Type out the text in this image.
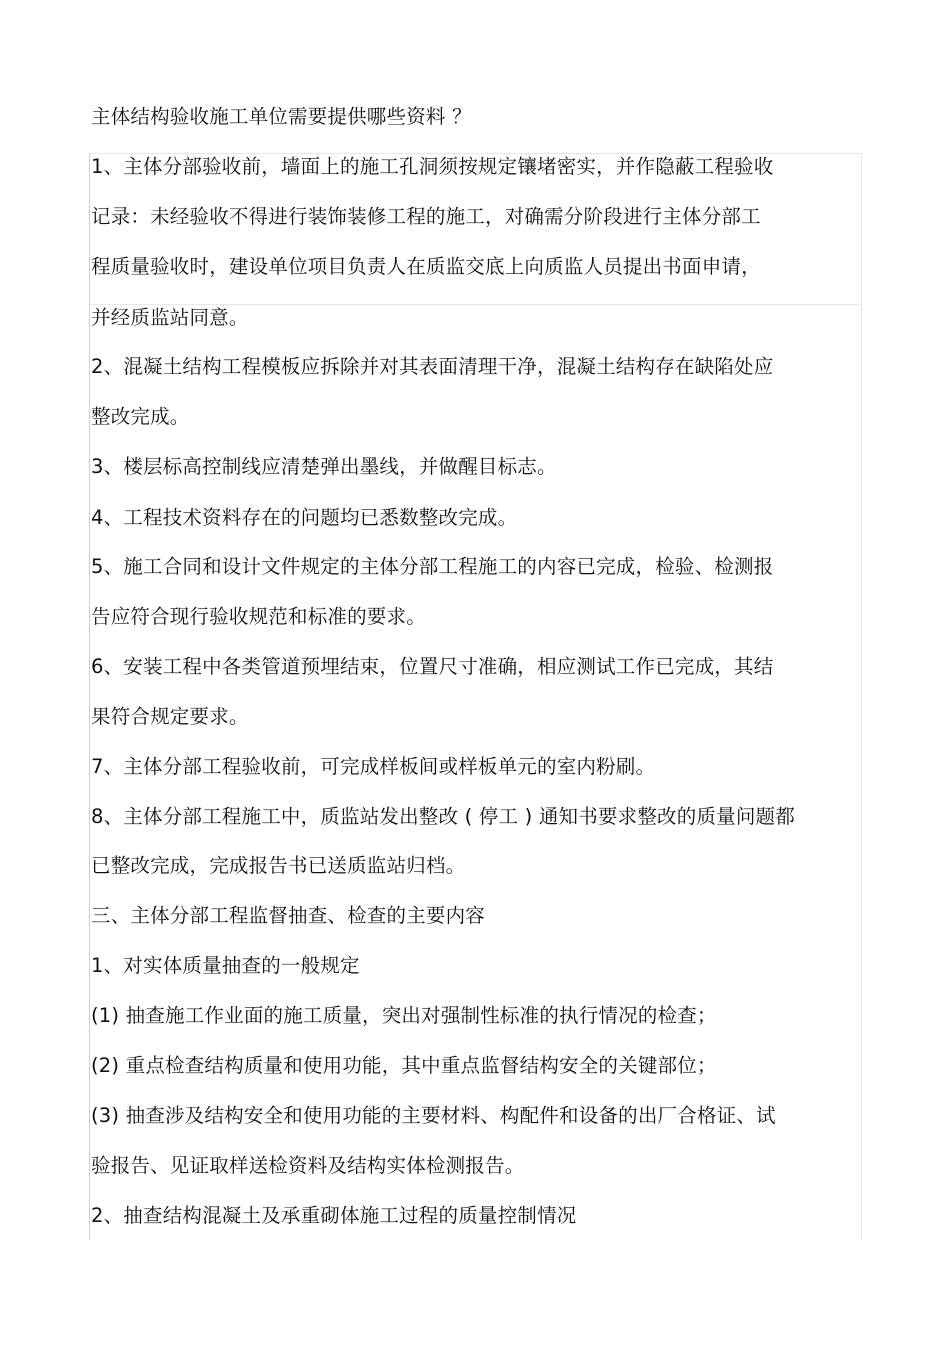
主体结构验收施工单位需要提供哪些资料 ？
1、主体分部验收前，墙面上的施工孔洞须按规定镶堵密实，并作隐蔽工程验收
记录：未经验收不得进行装饰装修工程的施工，对确需分阶段进行主体分部工
程质量验收时，建设单位项目负责人在质监交底上向质监人员提出书面申请，
并经质监站同意。
2、混凝土结构工程模板应拆除并对其表面清理干净，混凝土结构存在缺陷处应
整改完成。
3、楼层标高控制线应清楚弹出墨线，并做醒目标志。
4、工程技术资料存在的问题均已悉数整改完成。
5、施工合同和设计文件规定的主体分部工程施工的内容已完成，检验、检测报
告应符合现行验收规范和标准的要求。
6、安装工程中各类管道预埋结束，位置尺寸准确，相应测试工作已完成，其结
果符合规定要求。
7、主体分部工程验收前，可完成样板间或样板单元的室内粉刷。
8、主体分部工程施工中，质监站发出整改 ( 停工 ) 通知书要求整改的质量问题都
已整改完成，完成报告书已送质监站归档。
三、主体分部工程监督抽查、检查的主要内容
1、对实体质量抽查的一般规定
(1) 抽查施工作业面的施工质量，突出对强制性标准的执行情况的检查；
(2) 重点检查结构质量和使用功能，其中重点监督结构安全的关键部位；
(3) 抽查涉及结构安全和使用功能的主要材料、构配件和设备的出厂合格证、试
验报告、见证取样送检资料及结构实体检测报告。
2、抽查结构混凝土及承重砌体施工过程的质量控制情况
